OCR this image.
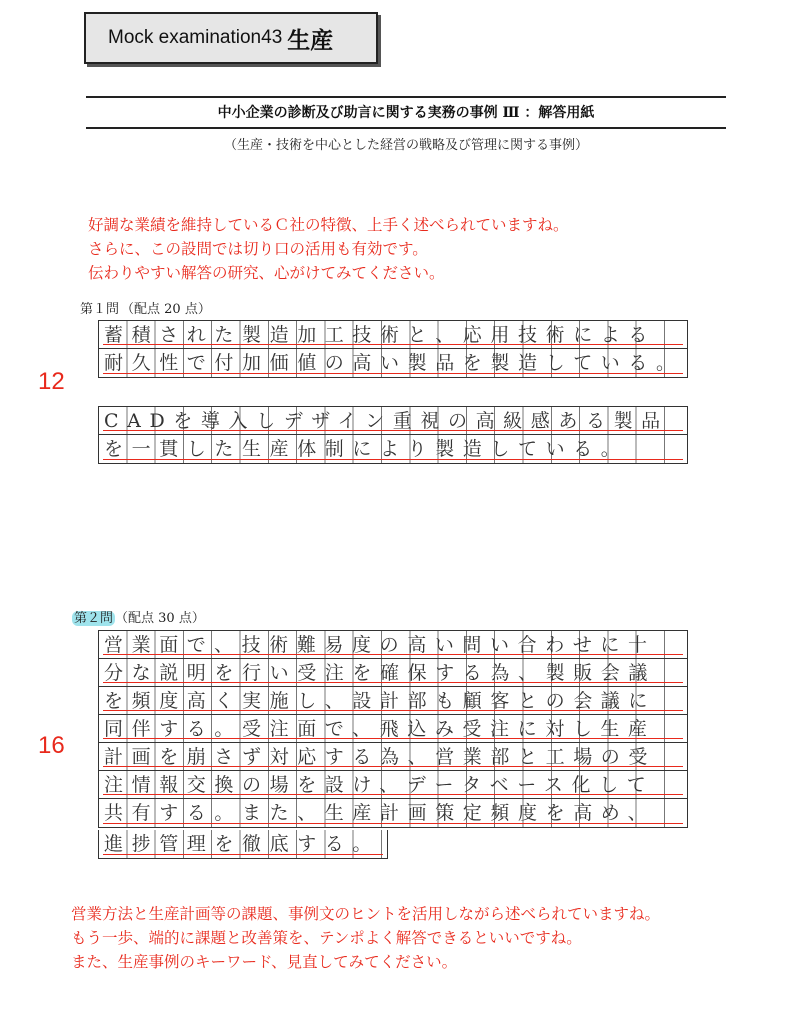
Mock examination43 生産
中小企業の診断及び助言に関する実務の事例 Ⅲ ：解答用紙
（生産・技術を中心とした経営の戦略及び管理に関する事例）
好調な業績を維持しているＣ社の特徴、上手く述べられていますね。
さらに、この設問では切り口の活用も有効です。
伝わりやすい解答の研究、心がけてみてください。
第１問 （配点 20 点）
12
蓄積された製造加工技術と、応用技術による
耐久性で付加価値の高い製品を製造している。
CADを導入しデザイン重視の高級感ある製品
を一貫した生産体制により製造している。
第２問 （配点 30 点）
16
営業面で、技術難易度の高い問い合わせに十
分な説明を行い受注を確保する為、製販会議
を頻度高く実施し、設計部も顧客との会議に
同伴する。受注面で、飛込み受注に対し生産
計画を崩さず対応する為、営業部と工場の受
注情報交換の場を設け、データベース化して
共有する。また、生産計画策定頻度を高め、
進捗管理を徹底する。
営業方法と生産計画等の課題、事例文のヒントを活用しながら述べられていますね。
もう一歩、端的に課題と改善策を、テンポよく解答できるといいですね。
また、生産事例のキーワード、見直してみてください。
